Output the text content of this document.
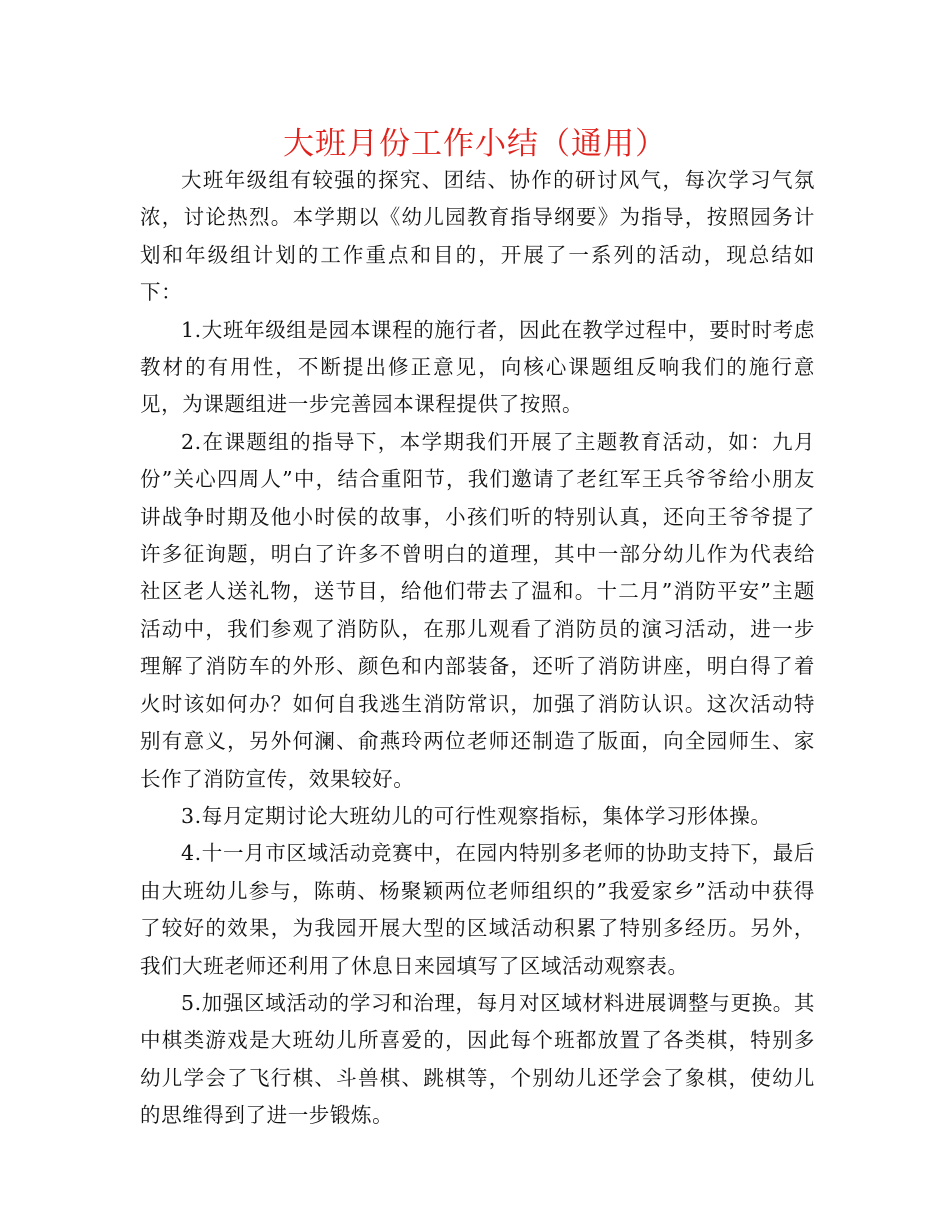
大班月份工作小结（通用）

大班年级组有较强的探究、团结、协作的研讨风气，每次学习气氛浓，讨论热烈。本学期以《幼儿园教育指导纲要》为指导，按照园务计划和年级组计划的工作重点和目的，开展了一系列的活动，现总结如下：

1.大班年级组是园本课程的施行者，因此在教学过程中，要时时考虑教材的有用性，不断提出修正意见，向核心课题组反响我们的施行意见，为课题组进一步完善园本课程提供了按照。

2.在课题组的指导下，本学期我们开展了主题教育活动，如：九月份”关心四周人”中，结合重阳节，我们邀请了老红军王兵爷爷给小朋友讲战争时期及他小时侯的故事，小孩们听的特别认真，还向王爷爷提了许多征询题，明白了许多不曾明白的道理，其中一部分幼儿作为代表给社区老人送礼物，送节目，给他们带去了温和。十二月”消防平安”主题活动中，我们参观了消防队，在那儿观看了消防员的演习活动，进一步理解了消防车的外形、颜色和内部装备，还听了消防讲座，明白得了着火时该如何办？如何自我逃生消防常识，加强了消防认识。这次活动特别有意义，另外何澜、俞燕玲两位老师还制造了版面，向全园师生、家长作了消防宣传，效果较好。

3.每月定期讨论大班幼儿的可行性观察指标，集体学习形体操。

4.十一月市区域活动竞赛中，在园内特别多老师的协助支持下，最后由大班幼儿参与，陈萌、杨聚颖两位老师组织的”我爱家乡”活动中获得了较好的效果，为我园开展大型的区域活动积累了特别多经历。另外，我们大班老师还利用了休息日来园填写了区域活动观察表。

5.加强区域活动的学习和治理，每月对区域材料进展调整与更换。其中棋类游戏是大班幼儿所喜爱的，因此每个班都放置了各类棋，特别多幼儿学会了飞行棋、斗兽棋、跳棋等，个别幼儿还学会了象棋，使幼儿的思维得到了进一步锻炼。
